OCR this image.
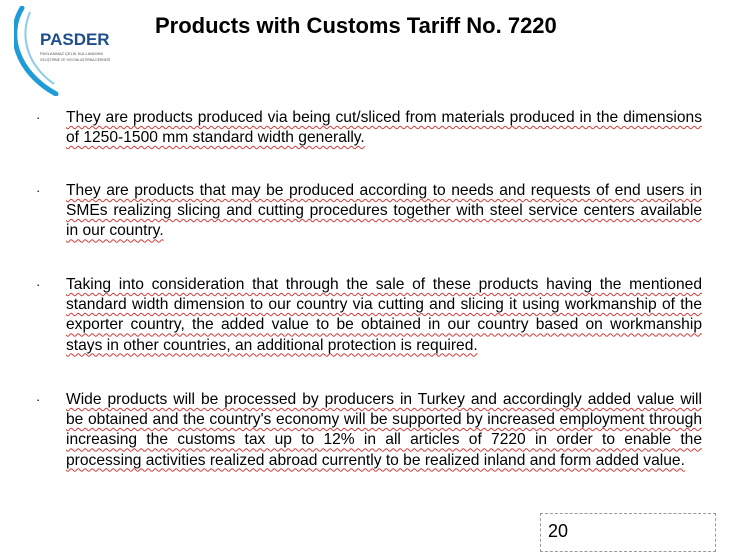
PASDER
PASLANMAZ ÇELİK KULLANIMINI
GELİŞTİRME VE YAYGINLAŞTIRMA DERNEĞİ
Products with Customs Tariff No. 7220
· They are products produced via being cut/sliced from materials produced in the dimensions of 1250-1500 mm standard width generally.

· They are products that may be produced according to needs and requests of end users in SMEs realizing slicing and cutting procedures together with steel service centers available in our country.

· Taking into consideration that through the sale of these products having the mentioned standard width dimension to our country via cutting and slicing it using workmanship of the exporter country, the added value to be obtained in our country based on workmanship stays in other countries, an additional protection is required.

· Wide products will be processed by producers in Turkey and accordingly added value will be obtained and the country's economy will be supported by increased employment through increasing the customs tax up to 12% in all articles of 7220 in order to enable the processing activities realized abroad currently to be realized inland and form added value.

20
